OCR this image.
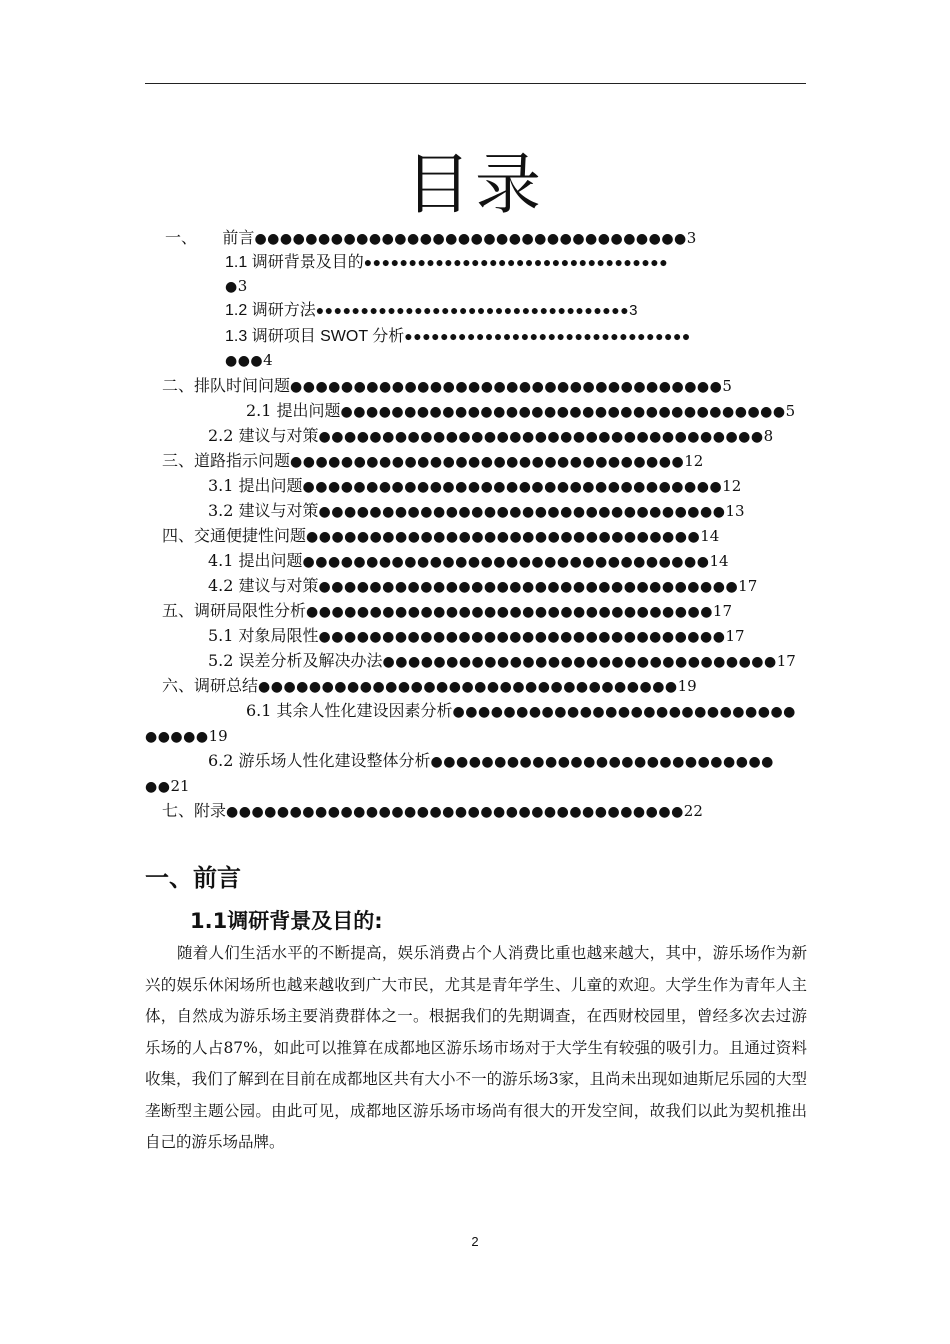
目录
一、     前言●●●●●●●●●●●●●●●●●●●●●●●●●●●●●●●●●●3
1.1 调研背景及目的●●●●●●●●●●●●●●●●●●●●●●●●●●●●●●●●●●
●3
1.2 调研方法●●●●●●●●●●●●●●●●●●●●●●●●●●●●●●●●●●●3
1.3 调研项目 SWOT 分析●●●●●●●●●●●●●●●●●●●●●●●●●●●●●●●●
●●●4
二、排队时间问题●●●●●●●●●●●●●●●●●●●●●●●●●●●●●●●●●●5
2.1 提出问题●●●●●●●●●●●●●●●●●●●●●●●●●●●●●●●●●●●5
2.2 建议与对策●●●●●●●●●●●●●●●●●●●●●●●●●●●●●●●●●●●8
三、道路指示问题●●●●●●●●●●●●●●●●●●●●●●●●●●●●●●●12
3.1 提出问题●●●●●●●●●●●●●●●●●●●●●●●●●●●●●●●●●12
3.2 建议与对策●●●●●●●●●●●●●●●●●●●●●●●●●●●●●●●●13
四、交通便捷性问题●●●●●●●●●●●●●●●●●●●●●●●●●●●●●●●14
4.1 提出问题●●●●●●●●●●●●●●●●●●●●●●●●●●●●●●●●14
4.2 建议与对策●●●●●●●●●●●●●●●●●●●●●●●●●●●●●●●●●17
五、调研局限性分析●●●●●●●●●●●●●●●●●●●●●●●●●●●●●●●●17
5.1 对象局限性●●●●●●●●●●●●●●●●●●●●●●●●●●●●●●●●17
5.2 误差分析及解决办法●●●●●●●●●●●●●●●●●●●●●●●●●●●●●●●17
六、调研总结●●●●●●●●●●●●●●●●●●●●●●●●●●●●●●●●●19
6.1 其余人性化建设因素分析●●●●●●●●●●●●●●●●●●●●●●●●●●●
●●●●●19
6.2 游乐场人性化建设整体分析●●●●●●●●●●●●●●●●●●●●●●●●●●●
●●21
七、附录●●●●●●●●●●●●●●●●●●●●●●●●●●●●●●●●●●●●22
一、前言
1.1调研背景及目的:
随着人们生活水平的不断提高，娱乐消费占个人消费比重也越来越大，其中，游乐场作为新兴的娱乐休闲场所也越来越收到广大市民，尤其是青年学生、儿童的欢迎。大学生作为青年人主体，自然成为游乐场主要消费群体之一。根据我们的先期调查，在西财校园里，曾经多次去过游乐场的人占87%，如此可以推算在成都地区游乐场市场对于大学生有较强的吸引力。且通过资料收集，我们了解到在目前在成都地区共有大小不一的游乐场3家，且尚未出现如迪斯尼乐园的大型垄断型主题公园。由此可见，成都地区游乐场市场尚有很大的开发空间，故我们以此为契机推出自己的游乐场品牌。
2
